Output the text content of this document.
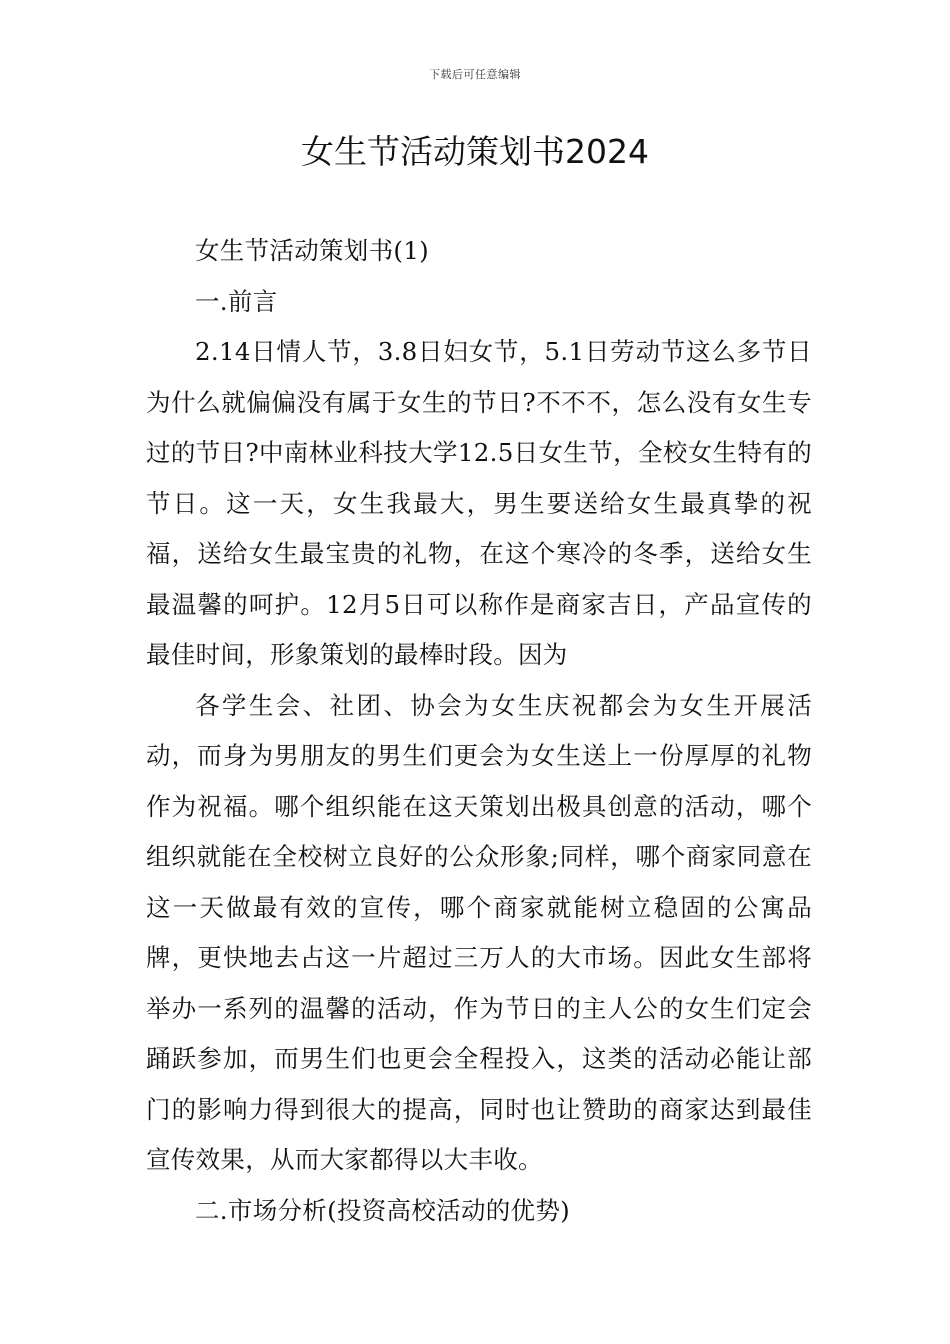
下载后可任意编辑
女生节活动策划书2024

女生节活动策划书(1)

一.前言

2.14日情人节，3.8日妇女节，5.1日劳动节这么多节日为什么就偏偏没有属于女生的节日?不不不，怎么没有女生专过的节日?中南林业科技大学12.5日女生节，全校女生特有的节日。这一天，女生我最大，男生要送给女生最真挚的祝福，送给女生最宝贵的礼物，在这个寒冷的冬季，送给女生最温馨的呵护。12月5日可以称作是商家吉日，产品宣传的最佳时间，形象策划的最棒时段。因为

各学生会、社团、协会为女生庆祝都会为女生开展活动，而身为男朋友的男生们更会为女生送上一份厚厚的礼物作为祝福。哪个组织能在这天策划出极具创意的活动，哪个组织就能在全校树立良好的公众形象;同样，哪个商家同意在这一天做最有效的宣传，哪个商家就能树立稳固的公寓品牌，更快地去占这一片超过三万人的大市场。因此女生部将举办一系列的温馨的活动，作为节日的主人公的女生们定会踊跃参加，而男生们也更会全程投入，这类的活动必能让部门的影响力得到很大的提高，同时也让赞助的商家达到最佳宣传效果，从而大家都得以大丰收。

二.市场分析(投资高校活动的优势)
